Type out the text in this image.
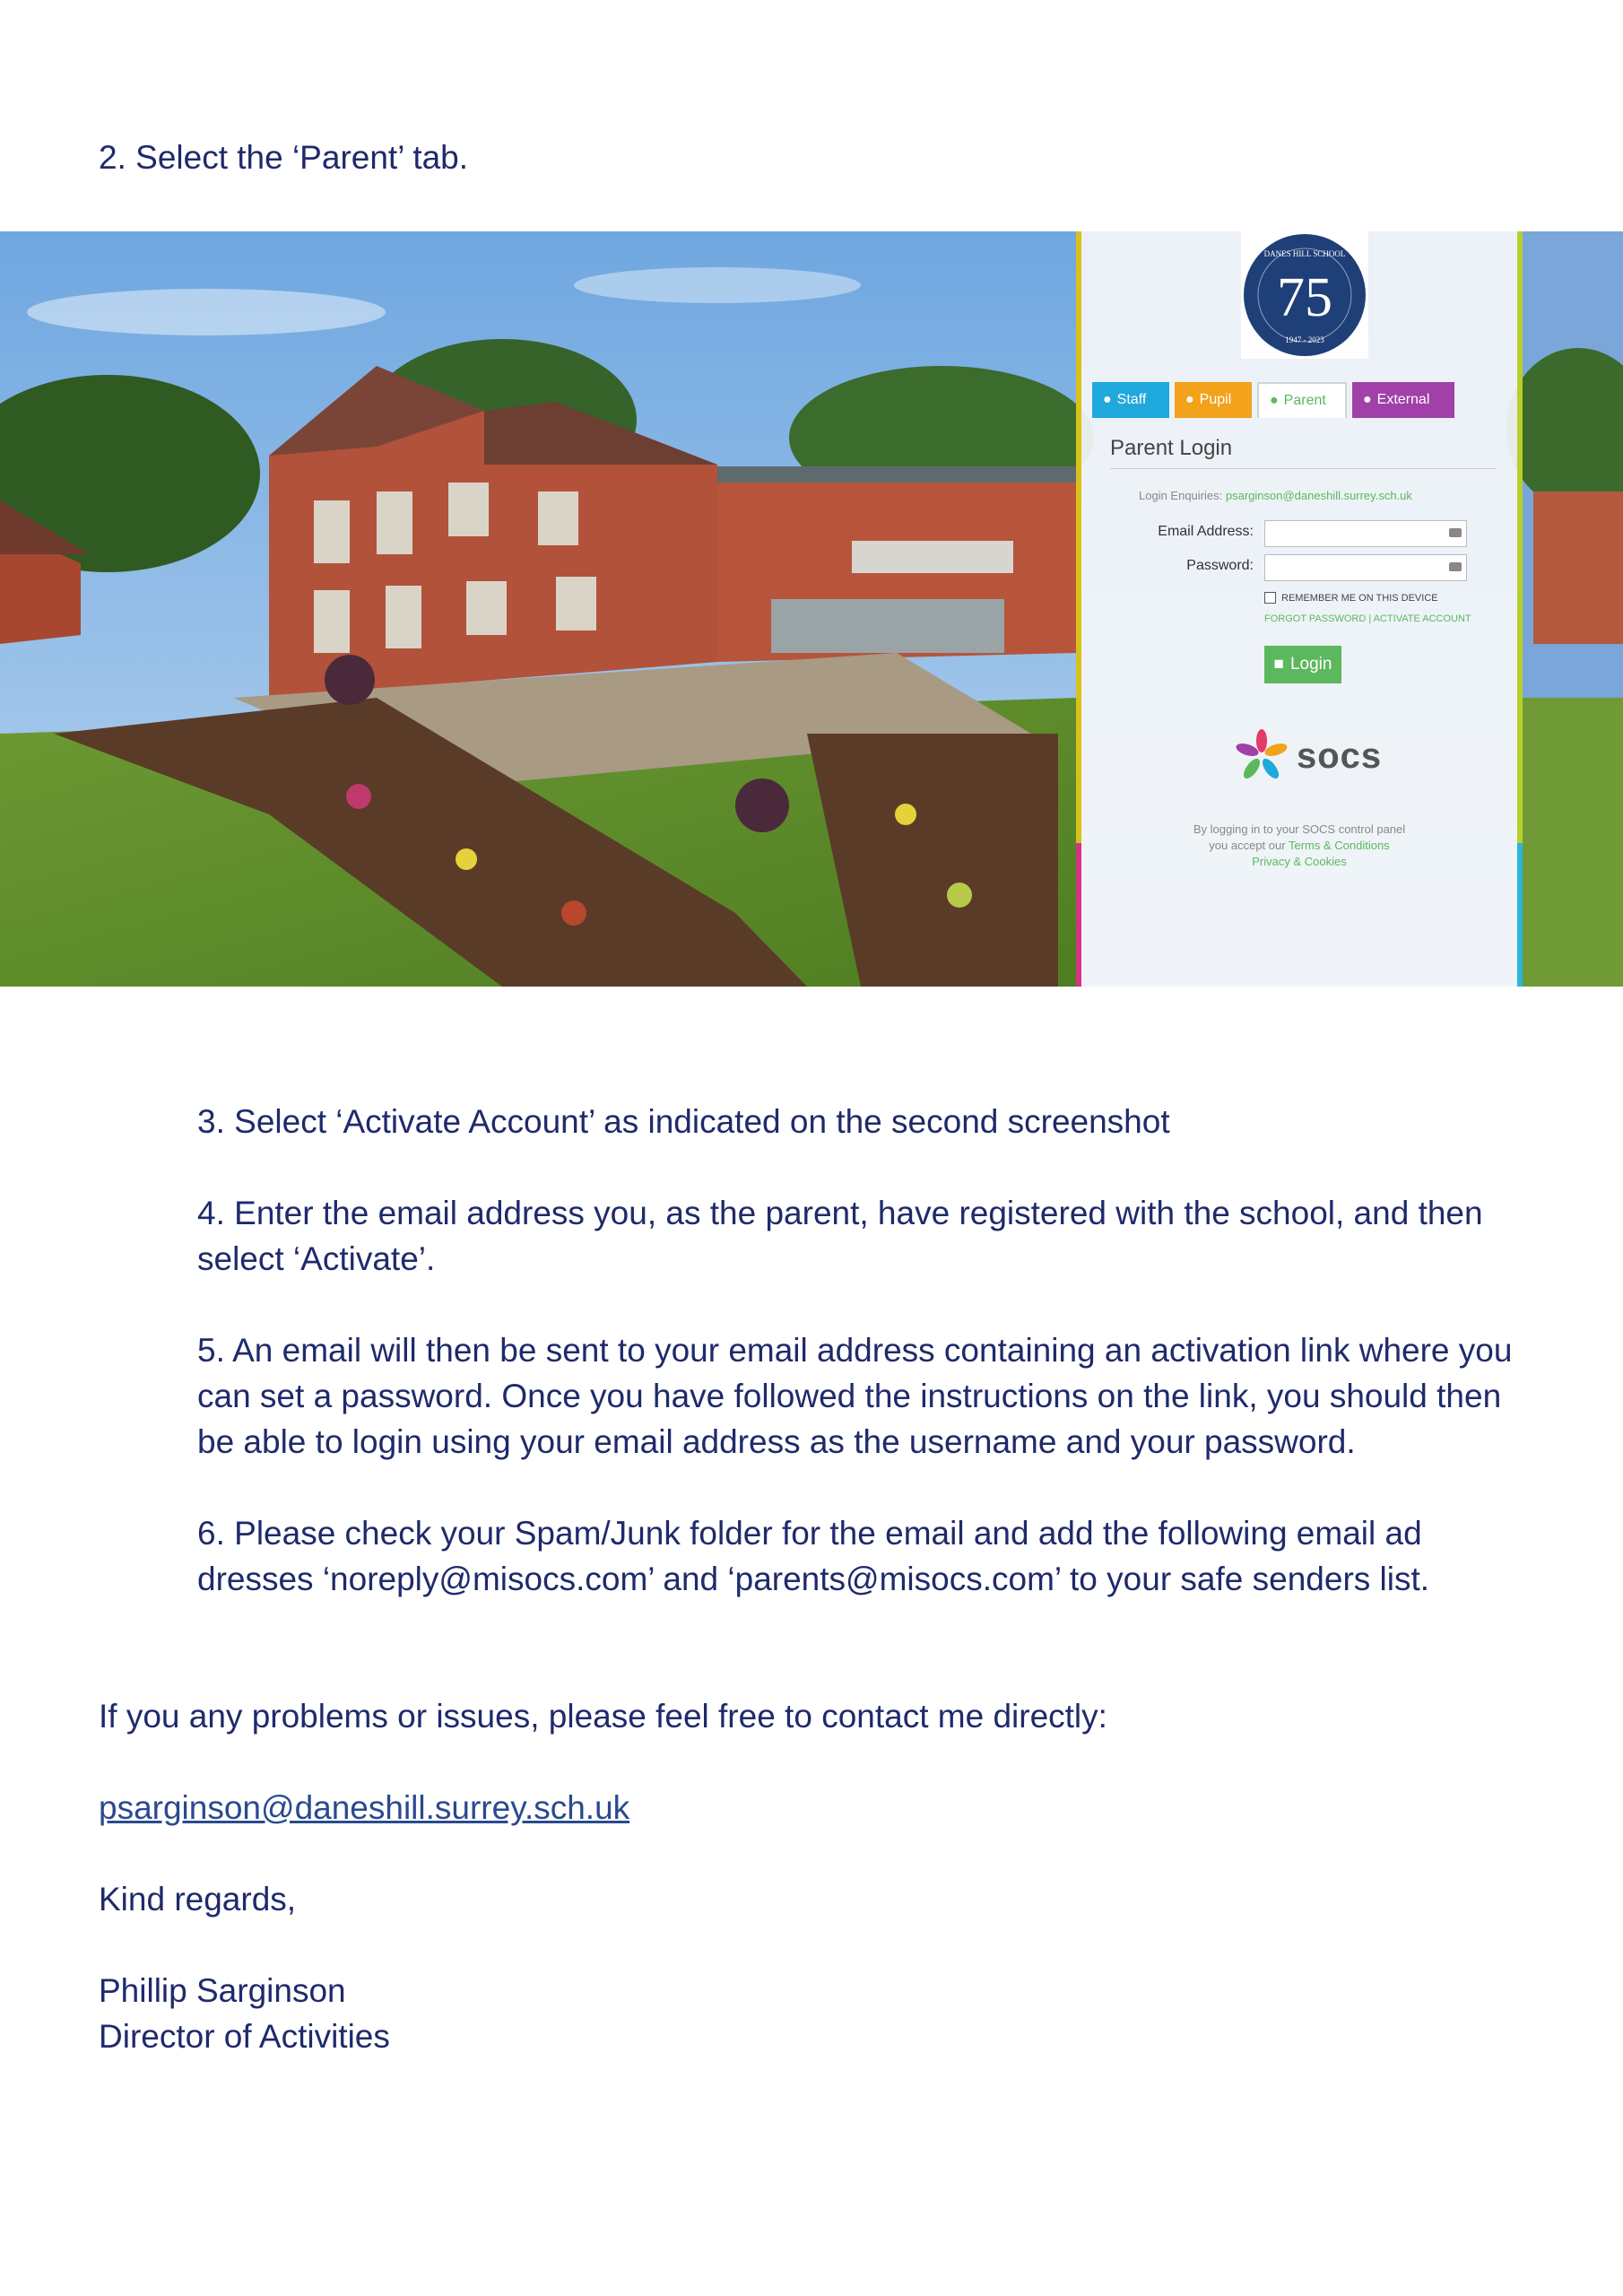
2. Select the ‘Parent’ tab.
75
DANES HILL SCHOOL
1947 - 2023
● Staff	● Pupil	● Parent	● External
Parent Login
Login Enquiries: psarginson@daneshill.surrey.sch.uk
Email Address:
Password:
REMEMBER ME ON THIS DEVICE
FORGOT PASSWORD | ACTIVATE ACCOUNT
■ Login
socs
By logging in to your SOCS control panel
you accept our Terms & Conditions
Privacy & Cookies

3. Select ‘Activate Account’ as indicated on the second screenshot

4. Enter the email address you, as the parent, have registered with the school, and then select ‘Activate’.

5. An email will then be sent to your email address containing an activation link where you can set a password. Once you have followed the instructions on the link, you should then be able to login using your email address as the username and your password.

6. Please check your Spam/Junk folder for the email and add the following email ad dresses ‘noreply@misocs.com’ and ‘parents@misocs.com’ to your safe senders list.

If you any problems or issues, please feel free to contact me directly:

psarginson@daneshill.surrey.sch.uk

Kind regards,

Phillip Sarginson
Director of Activities
